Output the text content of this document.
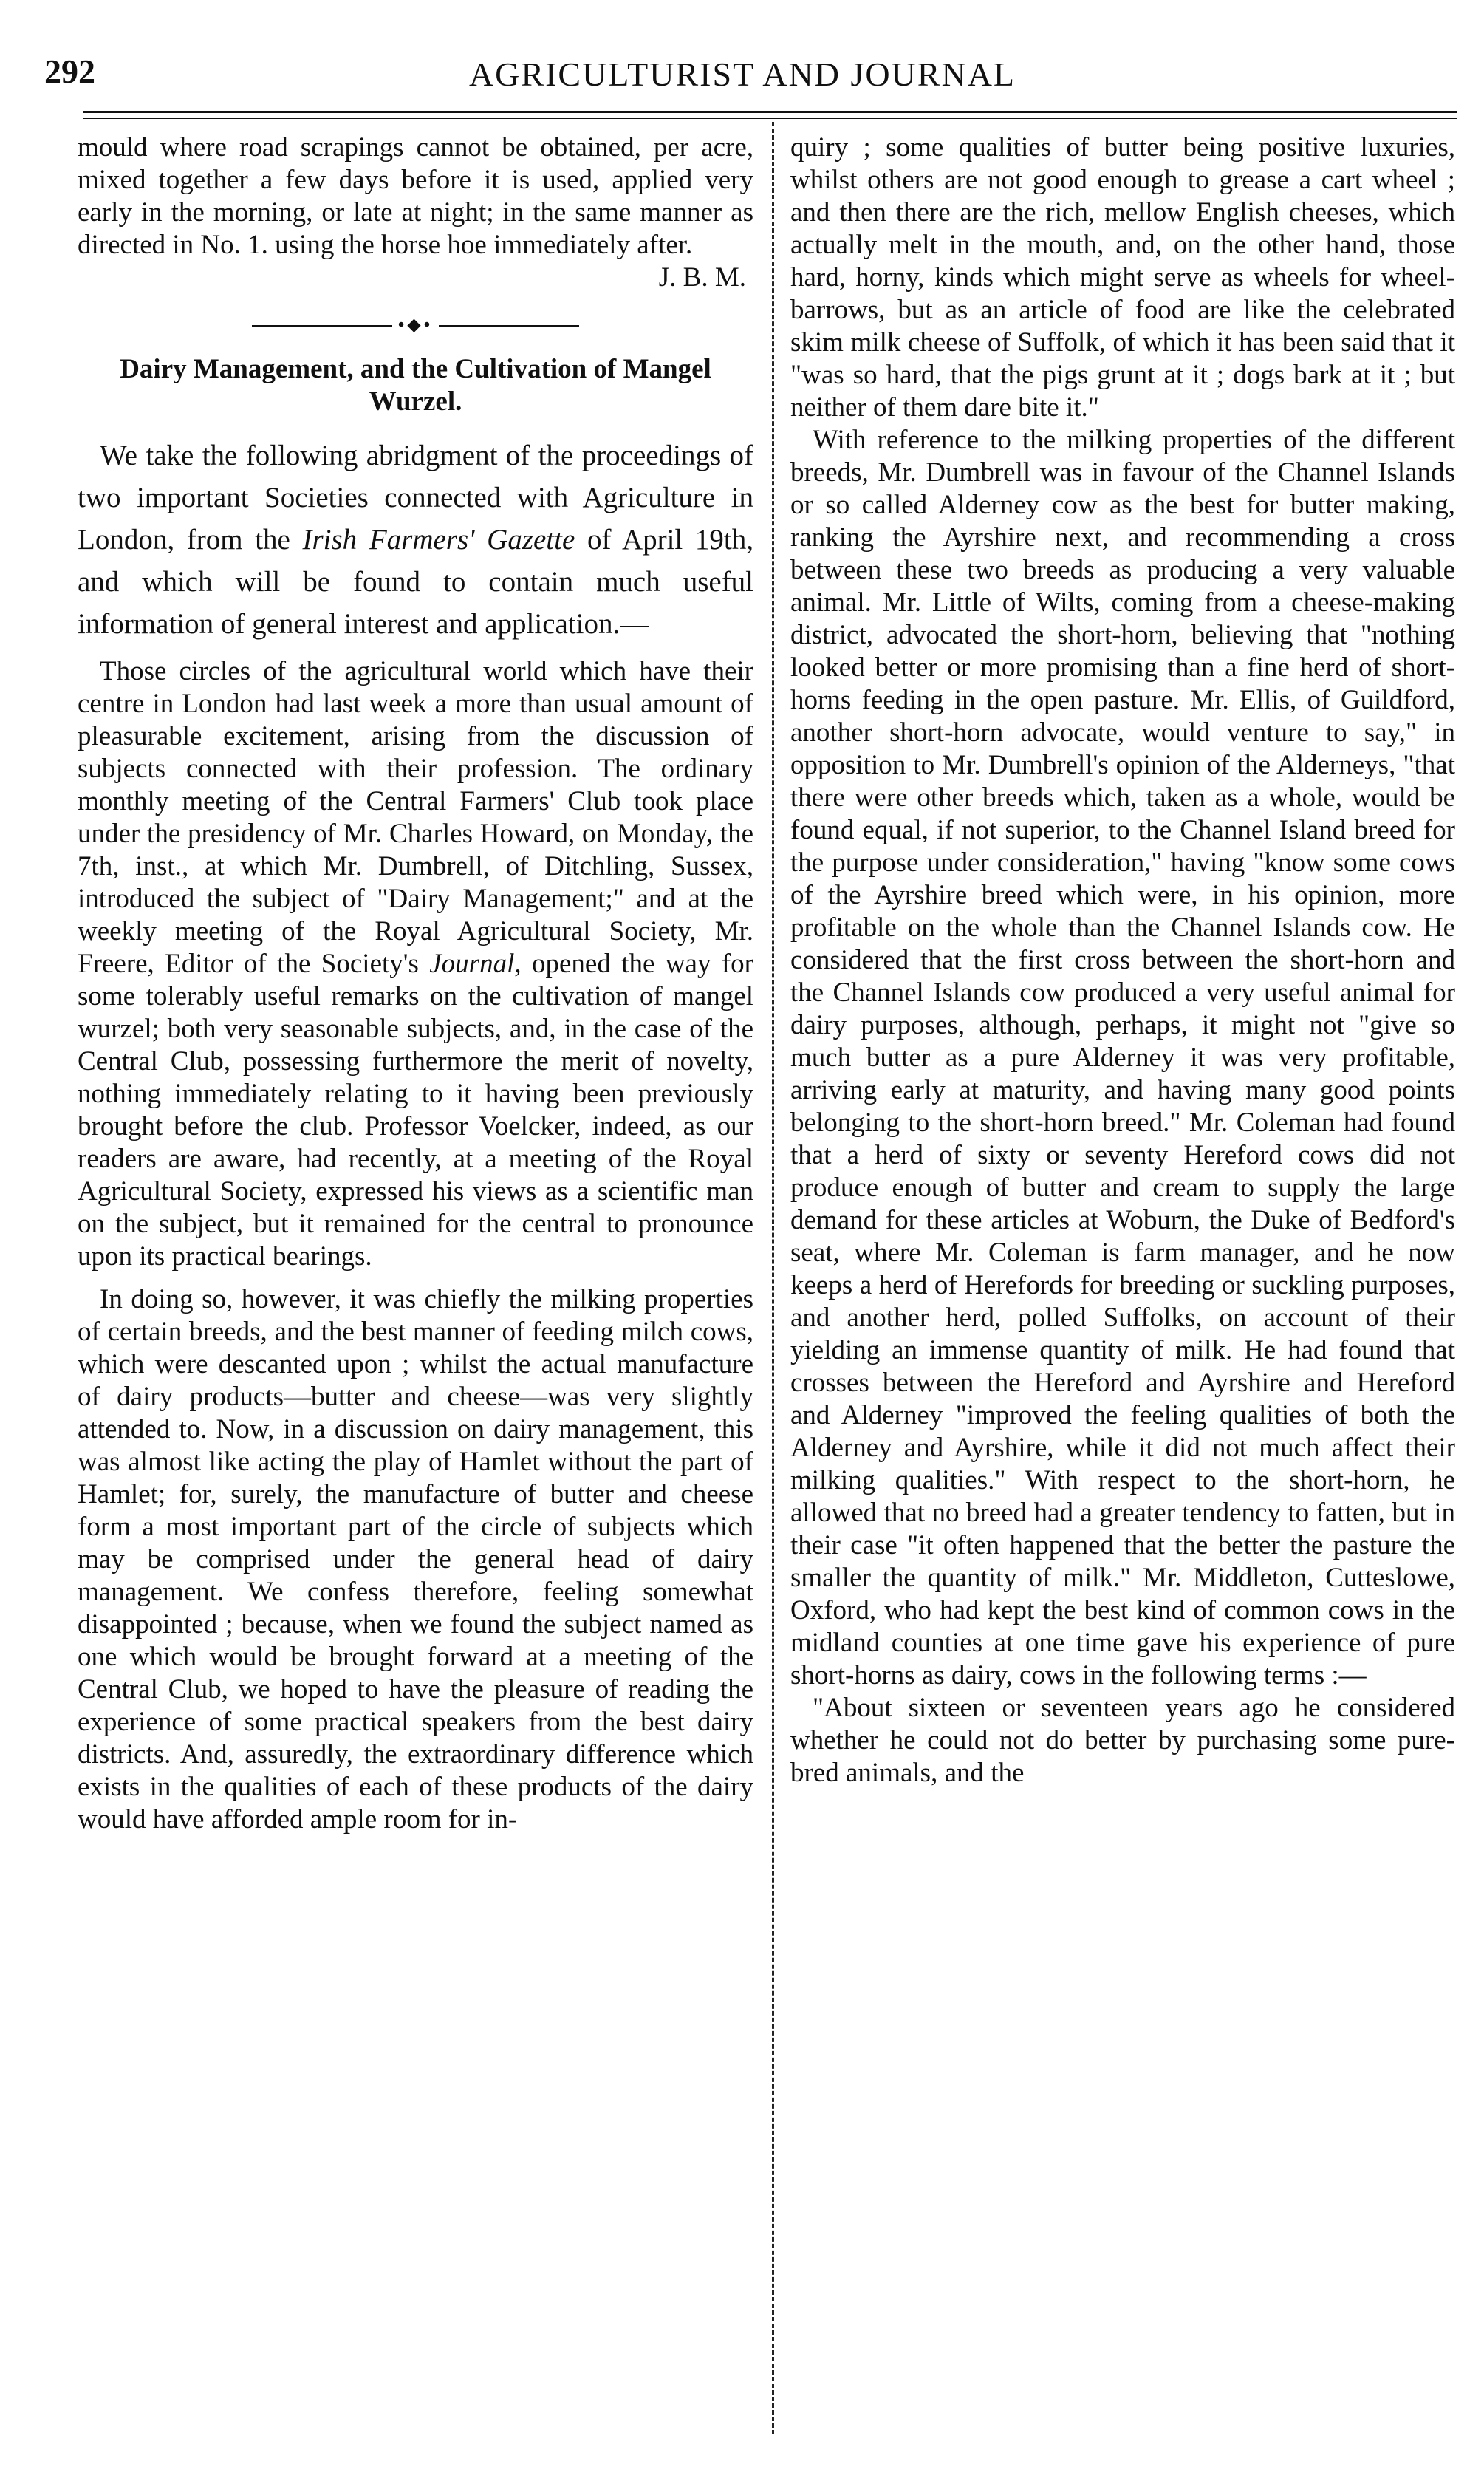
292	AGRICULTURIST AND JOURNAL

mould where road scrapings cannot be obtained, per acre, mixed together a few days before it is used, applied very early in the morning, or late at night; in the same manner as directed in No. 1. using the horse hoe immediately after.

J. B. M.

•◆•

Dairy Management, and the Cultivation of Mangel Wurzel.

We take the following abridgment of the proceedings of two important Societies connected with Agriculture in London, from the Irish Farmers' Gazette of April 19th, and which will be found to contain much useful information of general interest and application.—

Those circles of the agricultural world which have their centre in London had last week a more than usual amount of pleasurable excitement, arising from the discussion of subjects connected with their profession. The ordinary monthly meeting of the Central Farmers' Club took place under the presidency of Mr. Charles Howard, on Monday, the 7th, inst., at which Mr. Dumbrell, of Ditchling, Sussex, introduced the subject of "Dairy Management;" and at the weekly meeting of the Royal Agricultural Society, Mr. Freere, Editor of the Society's Journal, opened the way for some tolerably useful remarks on the cultivation of mangel wurzel; both very seasonable subjects, and, in the case of the Central Club, possessing furthermore the merit of novelty, nothing immediately relating to it having been previously brought before the club. Professor Voelcker, indeed, as our readers are aware, had recently, at a meeting of the Royal Agricultural Society, expressed his views as a scientific man on the subject, but it remained for the central to pronounce upon its practical bearings.

In doing so, however, it was chiefly the milking properties of certain breeds, and the best manner of feeding milch cows, which were descanted upon ; whilst the actual manufacture of dairy products—butter and cheese—was very slightly attended to. Now, in a discussion on dairy management, this was almost like acting the play of Hamlet without the part of Hamlet; for, surely, the manufacture of butter and cheese form a most important part of the circle of subjects which may be comprised under the general head of dairy management. We confess therefore, feeling somewhat disappointed ; because, when we found the subject named as one which would be brought forward at a meeting of the Central Club, we hoped to have the pleasure of reading the experience of some practical speakers from the best dairy districts. And, assuredly, the extraordinary difference which exists in the qualities of each of these products of the dairy would have afforded ample room for in-

quiry ; some qualities of butter being positive luxuries, whilst others are not good enough to grease a cart wheel ; and then there are the rich, mellow English cheeses, which actually melt in the mouth, and, on the other hand, those hard, horny, kinds which might serve as wheels for wheel-barrows, but as an article of food are like the celebrated skim milk cheese of Suffolk, of which it has been said that it "was so hard, that the pigs grunt at it ; dogs bark at it ; but neither of them dare bite it."

With reference to the milking properties of the different breeds, Mr. Dumbrell was in favour of the Channel Islands or so called Alderney cow as the best for butter making, ranking the Ayrshire next, and recommending a cross between these two breeds as producing a very valuable animal. Mr. Little of Wilts, coming from a cheese-making district, advocated the short-horn, believing that "nothing looked better or more promising than a fine herd of short-horns feeding in the open pasture. Mr. Ellis, of Guildford, another short-horn advocate, would venture to say," in opposition to Mr. Dumbrell's opinion of the Alderneys, "that there were other breeds which, taken as a whole, would be found equal, if not superior, to the Channel Island breed for the purpose under consideration," having "know some cows of the Ayrshire breed which were, in his opinion, more profitable on the whole than the Channel Islands cow. He considered that the first cross between the short-horn and the Channel Islands cow produced a very useful animal for dairy purposes, although, perhaps, it might not "give so much butter as a pure Alderney it was very profitable, arriving early at maturity, and having many good points belonging to the short-horn breed." Mr. Coleman had found that a herd of sixty or seventy Hereford cows did not produce enough of butter and cream to supply the large demand for these articles at Woburn, the Duke of Bedford's seat, where Mr. Coleman is farm manager, and he now keeps a herd of Herefords for breeding or suckling purposes, and another herd, polled Suffolks, on account of their yielding an immense quantity of milk. He had found that crosses between the Hereford and Ayrshire and Hereford and Alderney "improved the feeling qualities of both the Alderney and Ayrshire, while it did not much affect their milking qualities." With respect to the short-horn, he allowed that no breed had a greater tendency to fatten, but in their case "it often happened that the better the pasture the smaller the quantity of milk." Mr. Middleton, Cutteslowe, Oxford, who had kept the best kind of common cows in the midland counties at one time gave his experience of pure short-horns as dairy, cows in the following terms :—

"About sixteen or seventeen years ago he considered whether he could not do better by purchasing some pure-bred animals, and the
